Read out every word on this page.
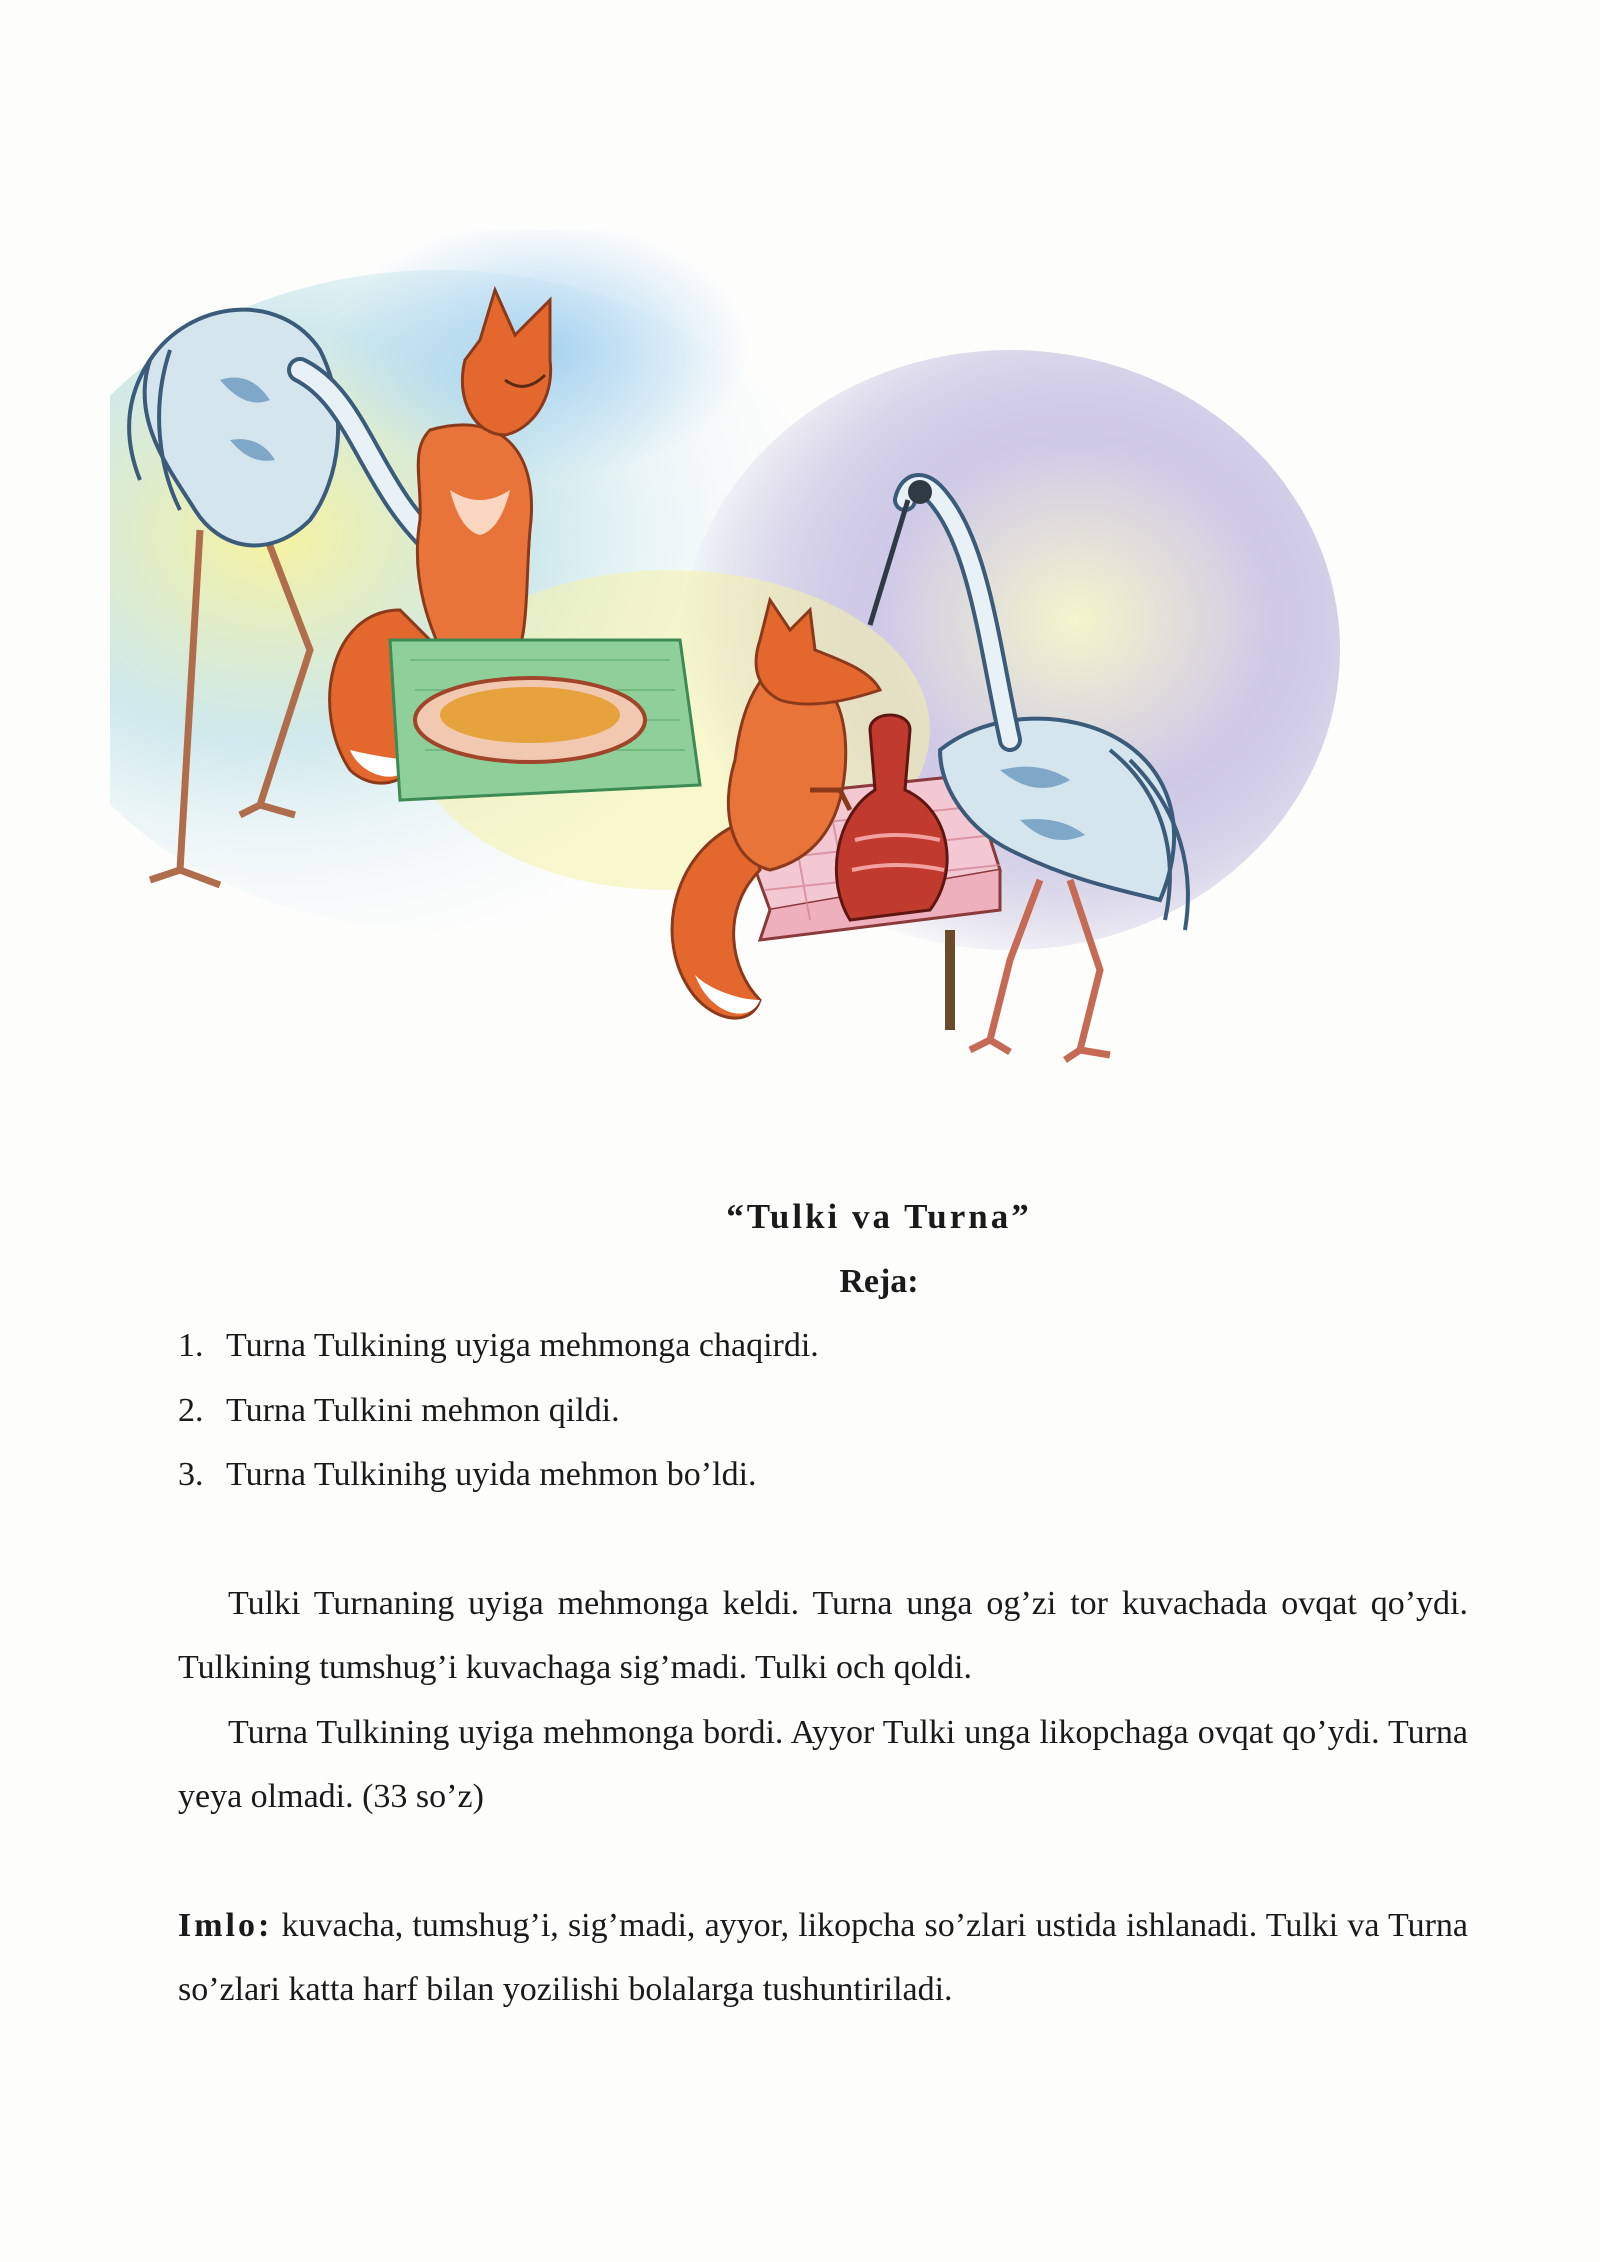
“Tulki va Turna”

Reja:

1. Turna Tulkining uyiga mehmonga chaqirdi.
2. Turna Tulkini mehmon qildi.
3. Turna Tulkinihg uyida mehmon bo’ldi.

Tulki Turnaning uyiga mehmonga keldi. Turna unga og’zi tor kuvachada ovqat qo’ydi. Tulkining tumshug’i kuvachaga sig’madi. Tulki och qoldi.

Turna Tulkining uyiga mehmonga bordi. Ayyor Tulki unga likopchaga ovqat qo’ydi. Turna yeya olmadi. (33 so’z)

Imlo: kuvacha, tumshug’i, sig’madi, ayyor, likopcha so’zlari ustida ishlanadi. Tulki va Turna so’zlari katta harf bilan yozilishi bolalarga tushuntiriladi.
